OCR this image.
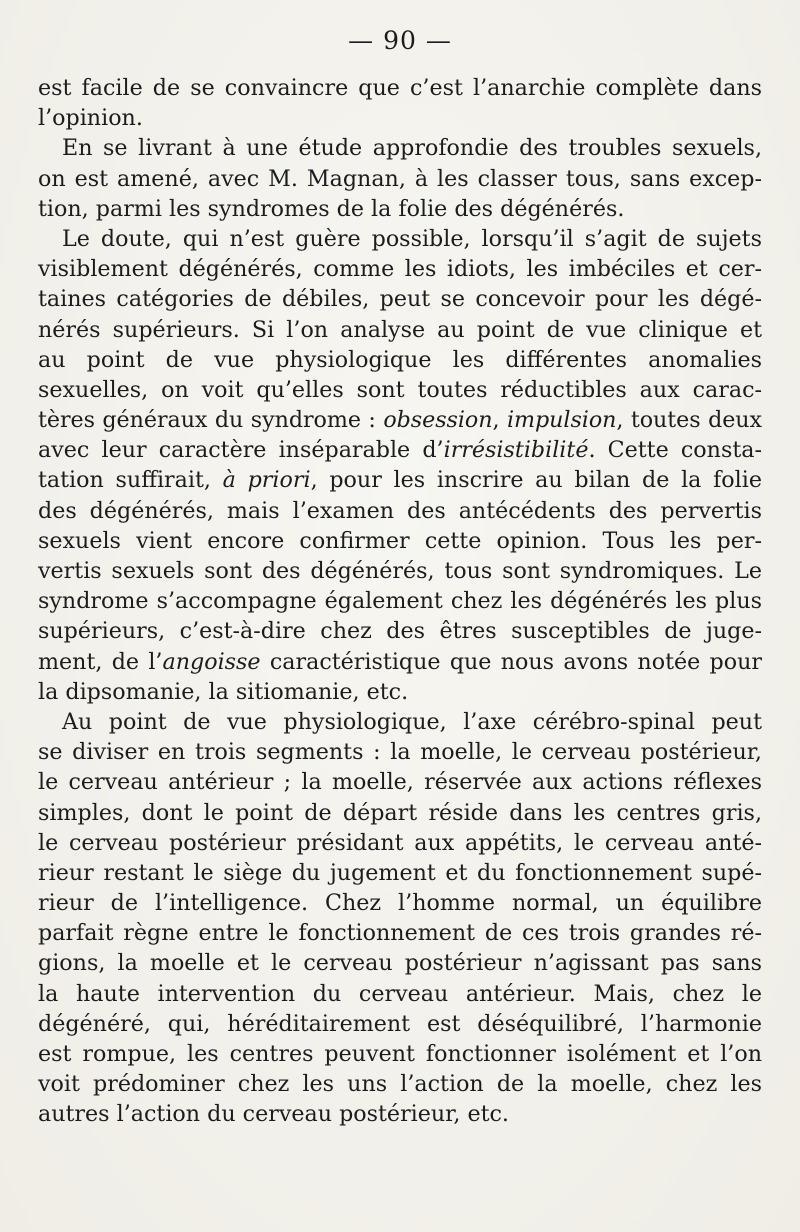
— 90 —
est facile de se convaincre que c’est l’anarchie complète dans
l’opinion.
En se livrant à une étude approfondie des troubles sexuels,
on est amené, avec M. Magnan, à les classer tous, sans excep-
tion, parmi les syndromes de la folie des dégénérés.
Le doute, qui n’est guère possible, lorsqu’il s’agit de sujets
visiblement dégénérés, comme les idiots, les imbéciles et cer-
taines catégories de débiles, peut se concevoir pour les dégé-
nérés supérieurs. Si l’on analyse au point de vue clinique et
au point de vue physiologique les différentes anomalies
sexuelles, on voit qu’elles sont toutes réductibles aux carac-
tères généraux du syndrome : obsession, impulsion, toutes deux
avec leur caractère inséparable d’irrésistibilité. Cette consta-
tation suffirait, à priori, pour les inscrire au bilan de la folie
des dégénérés, mais l’examen des antécédents des pervertis
sexuels vient encore confirmer cette opinion. Tous les per-
vertis sexuels sont des dégénérés, tous sont syndromiques. Le
syndrome s’accompagne également chez les dégénérés les plus
supérieurs, c’est-à-dire chez des êtres susceptibles de juge-
ment, de l’angoisse caractéristique que nous avons notée pour
la dipsomanie, la sitiomanie, etc.
Au point de vue physiologique, l’axe cérébro-spinal peut
se diviser en trois segments : la moelle, le cerveau postérieur,
le cerveau antérieur ; la moelle, réservée aux actions réflexes
simples, dont le point de départ réside dans les centres gris,
le cerveau postérieur présidant aux appétits, le cerveau anté-
rieur restant le siège du jugement et du fonctionnement supé-
rieur de l’intelligence. Chez l’homme normal, un équilibre
parfait règne entre le fonctionnement de ces trois grandes ré-
gions, la moelle et le cerveau postérieur n’agissant pas sans
la haute intervention du cerveau antérieur. Mais, chez le
dégénéré, qui, héréditairement est déséquilibré, l’harmonie
est rompue, les centres peuvent fonctionner isolément et l’on
voit prédominer chez les uns l’action de la moelle, chez les
autres l’action du cerveau postérieur, etc.
